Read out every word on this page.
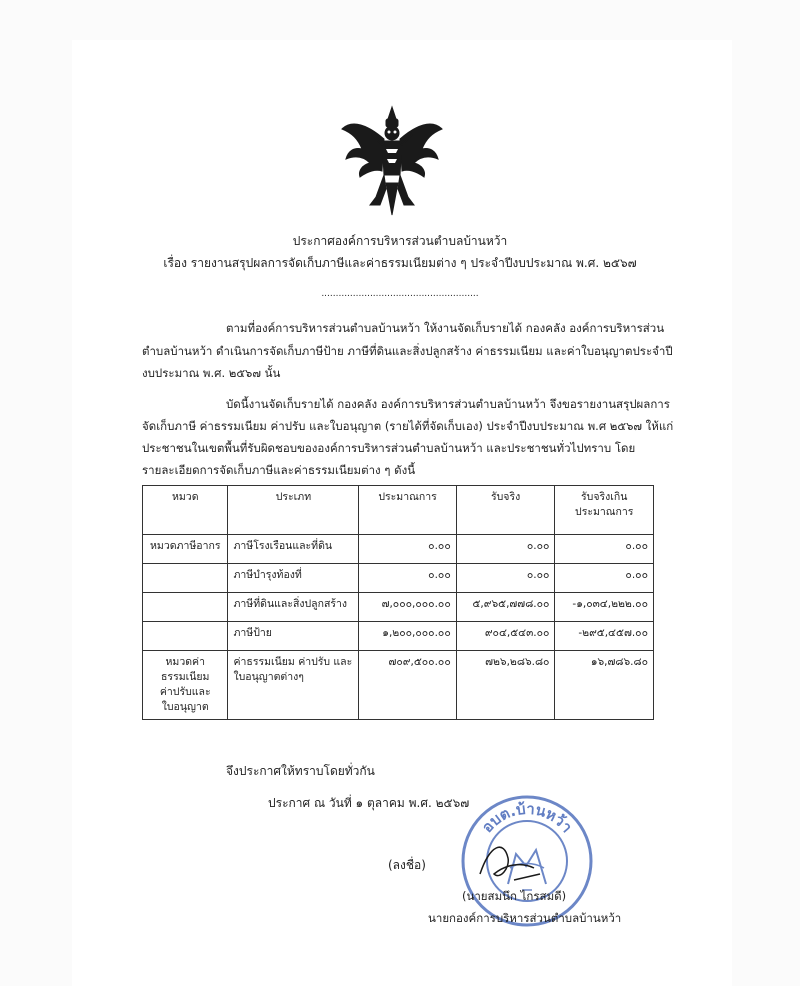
ประกาศองค์การบริหารส่วนตำบลบ้านหว้า
เรื่อง รายงานสรุปผลการจัดเก็บภาษีและค่าธรรมเนียมต่าง ๆ ประจำปีงบประมาณ พ.ศ. ๒๕๖๗
.......................................................
ตามที่องค์การบริหารส่วนตำบลบ้านหว้า ให้งานจัดเก็บรายได้ กองคลัง องค์การบริหารส่วน
ตำบลบ้านหว้า ดำเนินการจัดเก็บภาษีป้าย ภาษีที่ดินและสิ่งปลูกสร้าง ค่าธรรมเนียม และค่าใบอนุญาตประจำปี
งบประมาณ พ.ศ. ๒๕๖๗ นั้น
บัดนี้งานจัดเก็บรายได้ กองคลัง องค์การบริหารส่วนตำบลบ้านหว้า จึงขอรายงานสรุปผลการ
จัดเก็บภาษี ค่าธรรมเนียม ค่าปรับ และใบอนุญาต (รายได้ที่จัดเก็บเอง) ประจำปีงบประมาณ พ.ศ ๒๕๖๗ ให้แก่
ประชาชนในเขตพื้นที่รับผิดชอบขององค์การบริหารส่วนตำบลบ้านหว้า และประชาชนทั่วไปทราบ โดย
รายละเอียดการจัดเก็บภาษีและค่าธรรมเนียมต่าง ๆ ดังนี้
หมวด	ประเภท	ประมาณการ	รับจริง	รับจริงเกิน
ประมาณการ
หมวดภาษีอากร	ภาษีโรงเรือนและที่ดิน	๐.๐๐	๐.๐๐	๐.๐๐
	ภาษีบำรุงท้องที่	๐.๐๐	๐.๐๐	๐.๐๐
	ภาษีที่ดินและสิ่งปลูกสร้าง	๗,๐๐๐,๐๐๐.๐๐	๕,๙๖๕,๗๗๘.๐๐	-๑,๐๓๔,๒๒๒.๐๐
	ภาษีป้าย	๑,๒๐๐,๐๐๐.๐๐	๙๐๔,๕๔๓.๐๐	-๒๙๕,๔๕๗.๐๐
หมวดค่าธรรมเนียม
ค่าปรับและ
ใบอนุญาต	ค่าธรรมเนียม ค่าปรับ และ
ใบอนุญาตต่างๆ	๗๐๙,๕๐๐.๐๐	๗๒๖,๒๘๖.๘๐	๑๖,๗๘๖.๘๐
จึงประกาศให้ทราบโดยทั่วกัน
ประกาศ ณ วันที่ ๑ ตุลาคม พ.ศ. ๒๕๖๗
อบต.บ้านหว้า
(ลงชื่อ)
(นายสมนึก ไกรสมดี)
นายกองค์การบริหารส่วนตำบลบ้านหว้า
